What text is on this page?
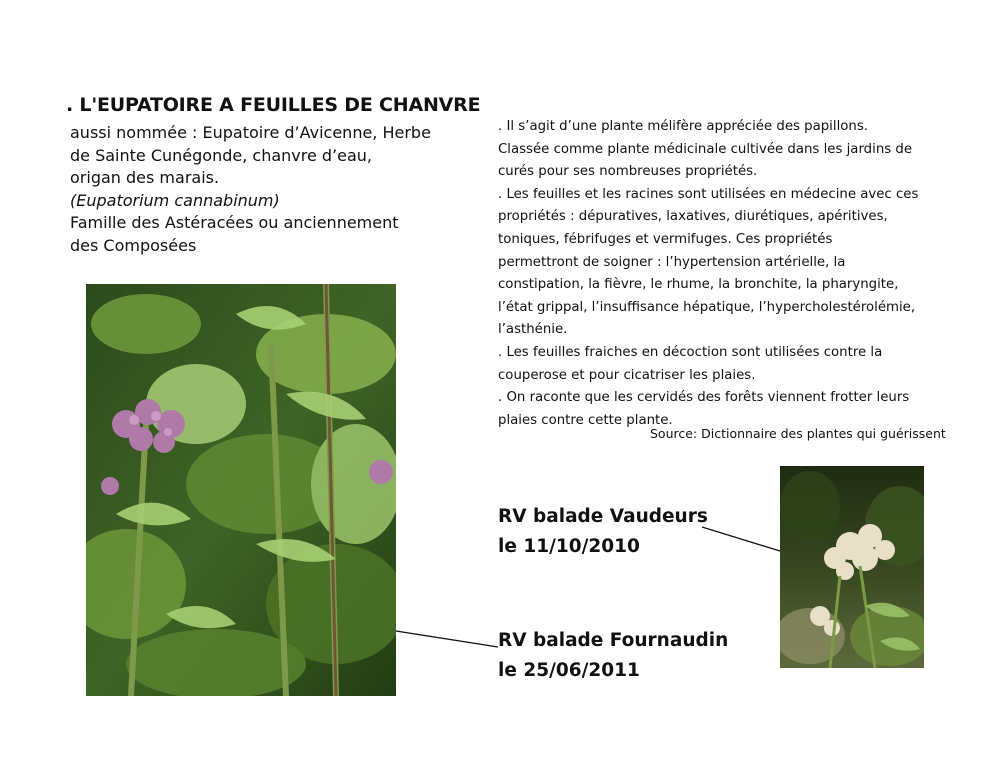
. L'EUPATOIRE A FEUILLES DE CHANVRE
aussi nommée : Eupatoire d’Avicenne, Herbe
de Sainte Cunégonde, chanvre d’eau,
origan des marais.
(Eupatorium cannabinum)
Famille des Astéracées ou anciennement
des Composées
. Il s’agit d’une plante mélifère appréciée des papillons.
Classée comme plante médicinale cultivée dans les jardins de
curés pour ses nombreuses propriétés.
. Les feuilles et les racines sont utilisées en médecine avec ces
propriétés : dépuratives, laxatives, diurétiques, apéritives,
toniques, fébrifuges et vermifuges. Ces propriétés
permettront de soigner : l’hypertension artérielle, la
constipation, la fièvre, le rhume, la bronchite, la pharyngite,
l’état grippal, l’insuffisance hépatique, l’hypercholestérolémie,
l’asthénie.
. Les feuilles fraiches en décoction sont utilisées contre la
couperose et pour cicatriser les plaies.
. On raconte que les cervidés des forêts viennent frotter leurs
plaies contre cette plante.
Source: Dictionnaire des plantes qui guérissent
RV balade Vaudeurs
le 11/10/2010
RV balade Fournaudin
le 25/06/2011
